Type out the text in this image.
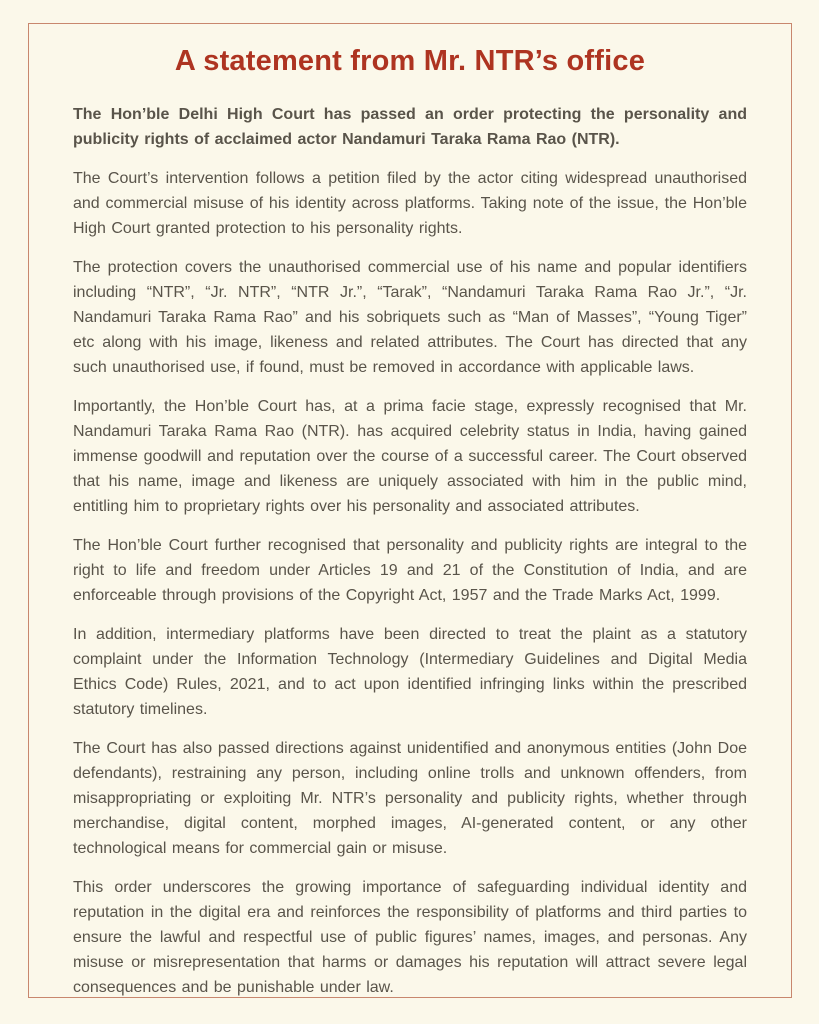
A statement from Mr. NTR’s office

The Hon’ble Delhi High Court has passed an order protecting the personality and publicity rights of acclaimed actor Nandamuri Taraka Rama Rao (NTR).

The Court’s intervention follows a petition filed by the actor citing widespread unauthorised and commercial misuse of his identity across platforms. Taking note of the issue, the Hon’ble High Court granted protection to his personality rights.

The protection covers the unauthorised commercial use of his name and popular identifiers including “NTR”, “Jr. NTR”, “NTR Jr.”, “Tarak”, “Nandamuri Taraka Rama Rao Jr.”, “Jr. Nandamuri Taraka Rama Rao” and his sobriquets such as “Man of Masses”, “Young Tiger” etc along with his image, likeness and related attributes. The Court has directed that any such unauthorised use, if found, must be removed in accordance with applicable laws.

Importantly, the Hon’ble Court has, at a prima facie stage, expressly recognised that Mr. Nandamuri Taraka Rama Rao (NTR). has acquired celebrity status in India, having gained immense goodwill and reputation over the course of a successful career. The Court observed that his name, image and likeness are uniquely associated with him in the public mind, entitling him to proprietary rights over his personality and associated attributes.

The Hon’ble Court further recognised that personality and publicity rights are integral to the right to life and freedom under Articles 19 and 21 of the Constitution of India, and are enforceable through provisions of the Copyright Act, 1957 and the Trade Marks Act, 1999.

In addition, intermediary platforms have been directed to treat the plaint as a statutory complaint under the Information Technology (Intermediary Guidelines and Digital Media Ethics Code) Rules, 2021, and to act upon identified infringing links within the prescribed statutory timelines.

The Court has also passed directions against unidentified and anonymous entities (John Doe defendants), restraining any person, including online trolls and unknown offenders, from misappropriating or exploiting Mr. NTR’s personality and publicity rights, whether through merchandise, digital content, morphed images, AI-generated content, or any other technological means for commercial gain or misuse.

This order underscores the growing importance of safeguarding individual identity and reputation in the digital era and reinforces the responsibility of platforms and third parties to ensure the lawful and respectful use of public figures’ names, images, and personas. Any misuse or misrepresentation that harms or damages his reputation will attract severe legal consequences and be punishable under law.
